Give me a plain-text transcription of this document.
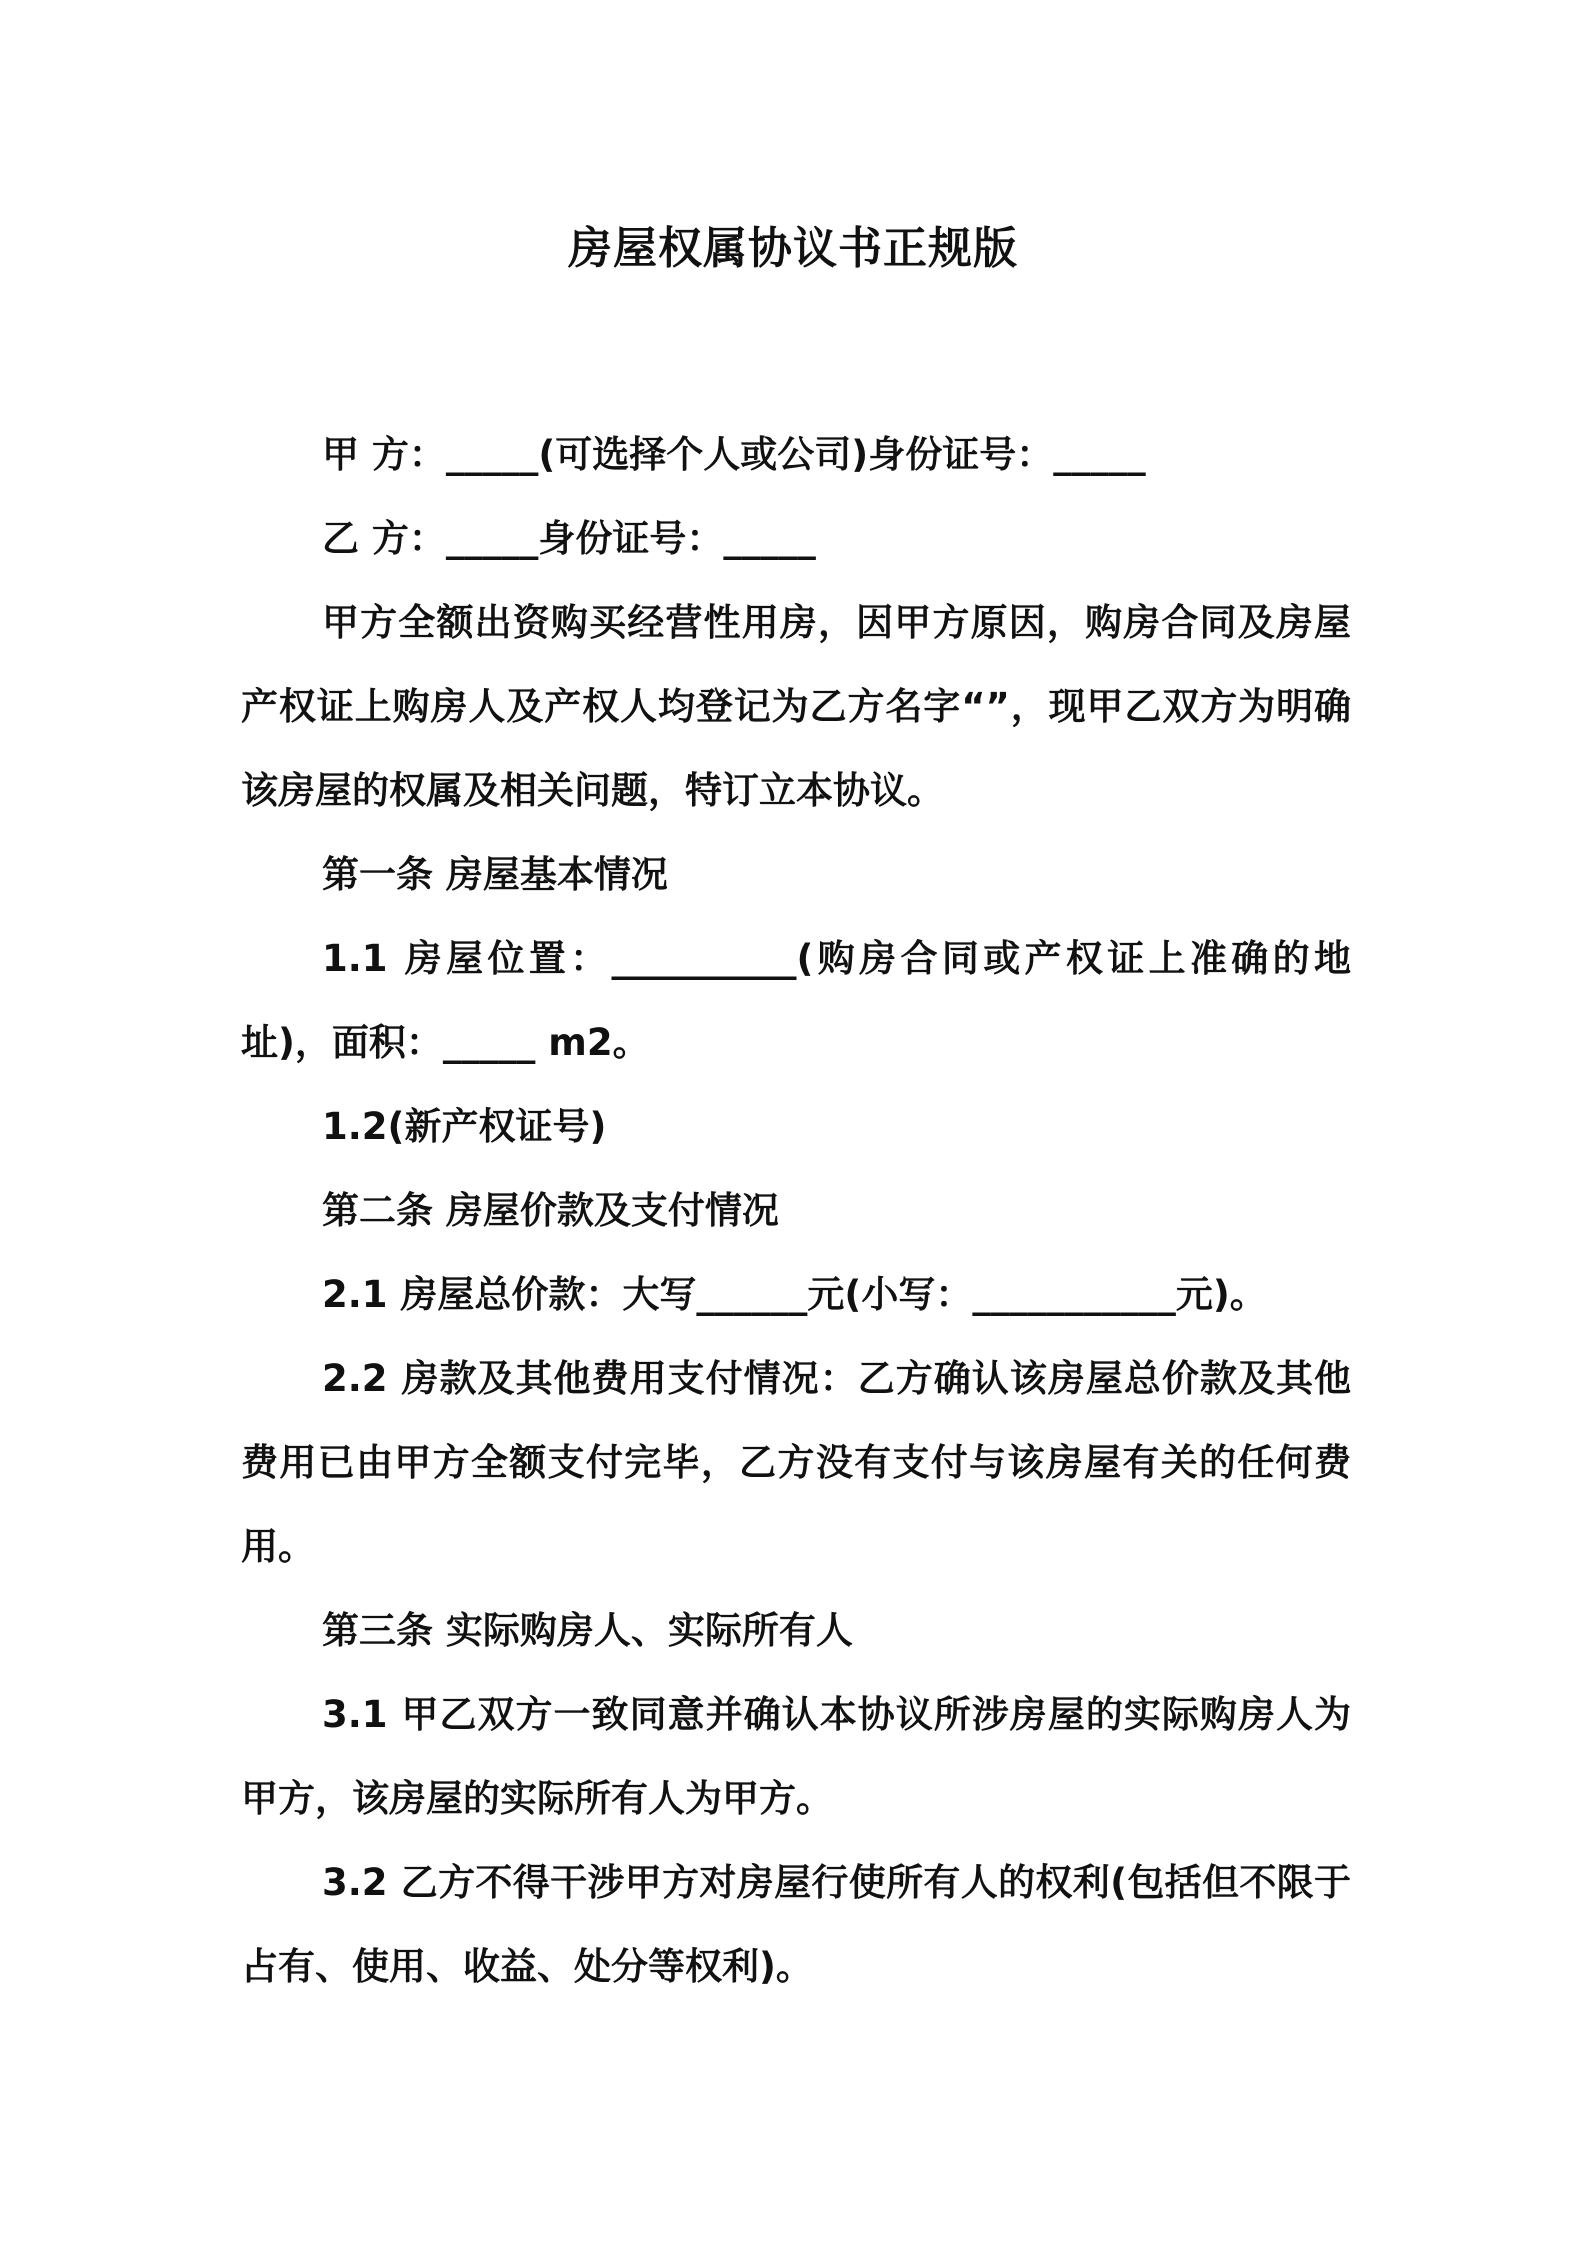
房屋权属协议书正规版

甲 方：_____(可选择个人或公司)身份证号：_____

乙 方：_____身份证号：_____

甲方全额出资购买经营性用房，因甲方原因，购房合同及房屋产权证上购房人及产权人均登记为乙方名字“”，现甲乙双方为明确该房屋的权属及相关问题，特订立本协议。

第一条 房屋基本情况

1.1 房屋位置：__________(购房合同或产权证上准确的地址)，面积：_____ m2。

1.2(新产权证号)

第二条 房屋价款及支付情况

2.1 房屋总价款：大写______元(小写：___________元)。

2.2 房款及其他费用支付情况：乙方确认该房屋总价款及其他费用已由甲方全额支付完毕，乙方没有支付与该房屋有关的任何费用。

第三条 实际购房人、实际所有人

3.1 甲乙双方一致同意并确认本协议所涉房屋的实际购房人为甲方，该房屋的实际所有人为甲方。

3.2 乙方不得干涉甲方对房屋行使所有人的权利(包括但不限于占有、使用、收益、处分等权利)。
